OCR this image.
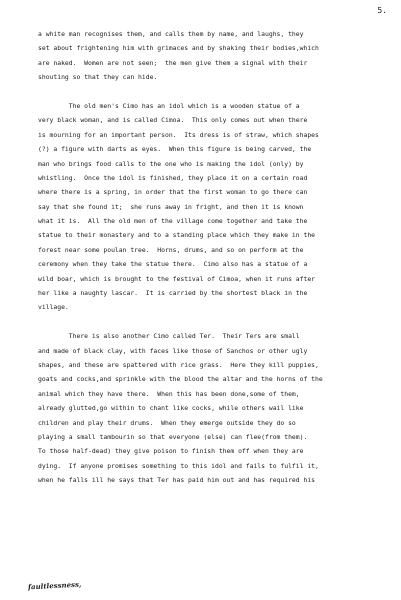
5.
a white man recognises them, and calls them by name, and laughs, they
set about frightening him with grimaces and by shaking their bodies,which
are naked.  Women are not seen;  the men give them a signal with their
shouting so that they can hide.
The old men's Cimo has an idol which is a wooden statue of a
very black woman, and is called Cimoa.  This only comes out when there
is mourning for an important person.  Its dress is of straw, which shapes
(?) a figure with darts as eyes.  When this figure is being carved, the
man who brings food calls to the one who is making the idol (only) by
whistling.  Once the idol is finished, they place it on a certain road
where there is a spring, in order that the first woman to go there can
say that she found it;  she runs away in fright, and then it is known
what it is.  All the old men of the village come together and take the
statue to their monastery and to a standing place which they make in the
forest near some poulan tree.  Horns, drums, and so on perform at the
ceremony when they take the statue there.  Cimo also has a statue of a
wild boar, which is brought to the festival of Cimoa, when it runs after
her like a naughty lascar.  It is carried by the shortest black in the
village.
There is also another Cimo called Ter.  Their Ters are small
and made of black clay, with faces like those of Sanchos or other ugly
shapes, and these are spattered with rice grass.  Here they kill puppies,
goats and cocks,and sprinkle with the blood the altar and the horns of the
animal which they have there.  When this has been done,some of them,
already glutted,go within to chant like cocks, while others wail like
children and play their drums.  When they emerge outside they do so
playing a small tambourin so that everyone (else) can flee(from them).
To those half-dead) they give poison to finish them off when they are
dying.  If anyone promises something to this idol and fails to fulfil it,
when he falls ill he says that Ter has paid him out and has required his
faultlessness,
